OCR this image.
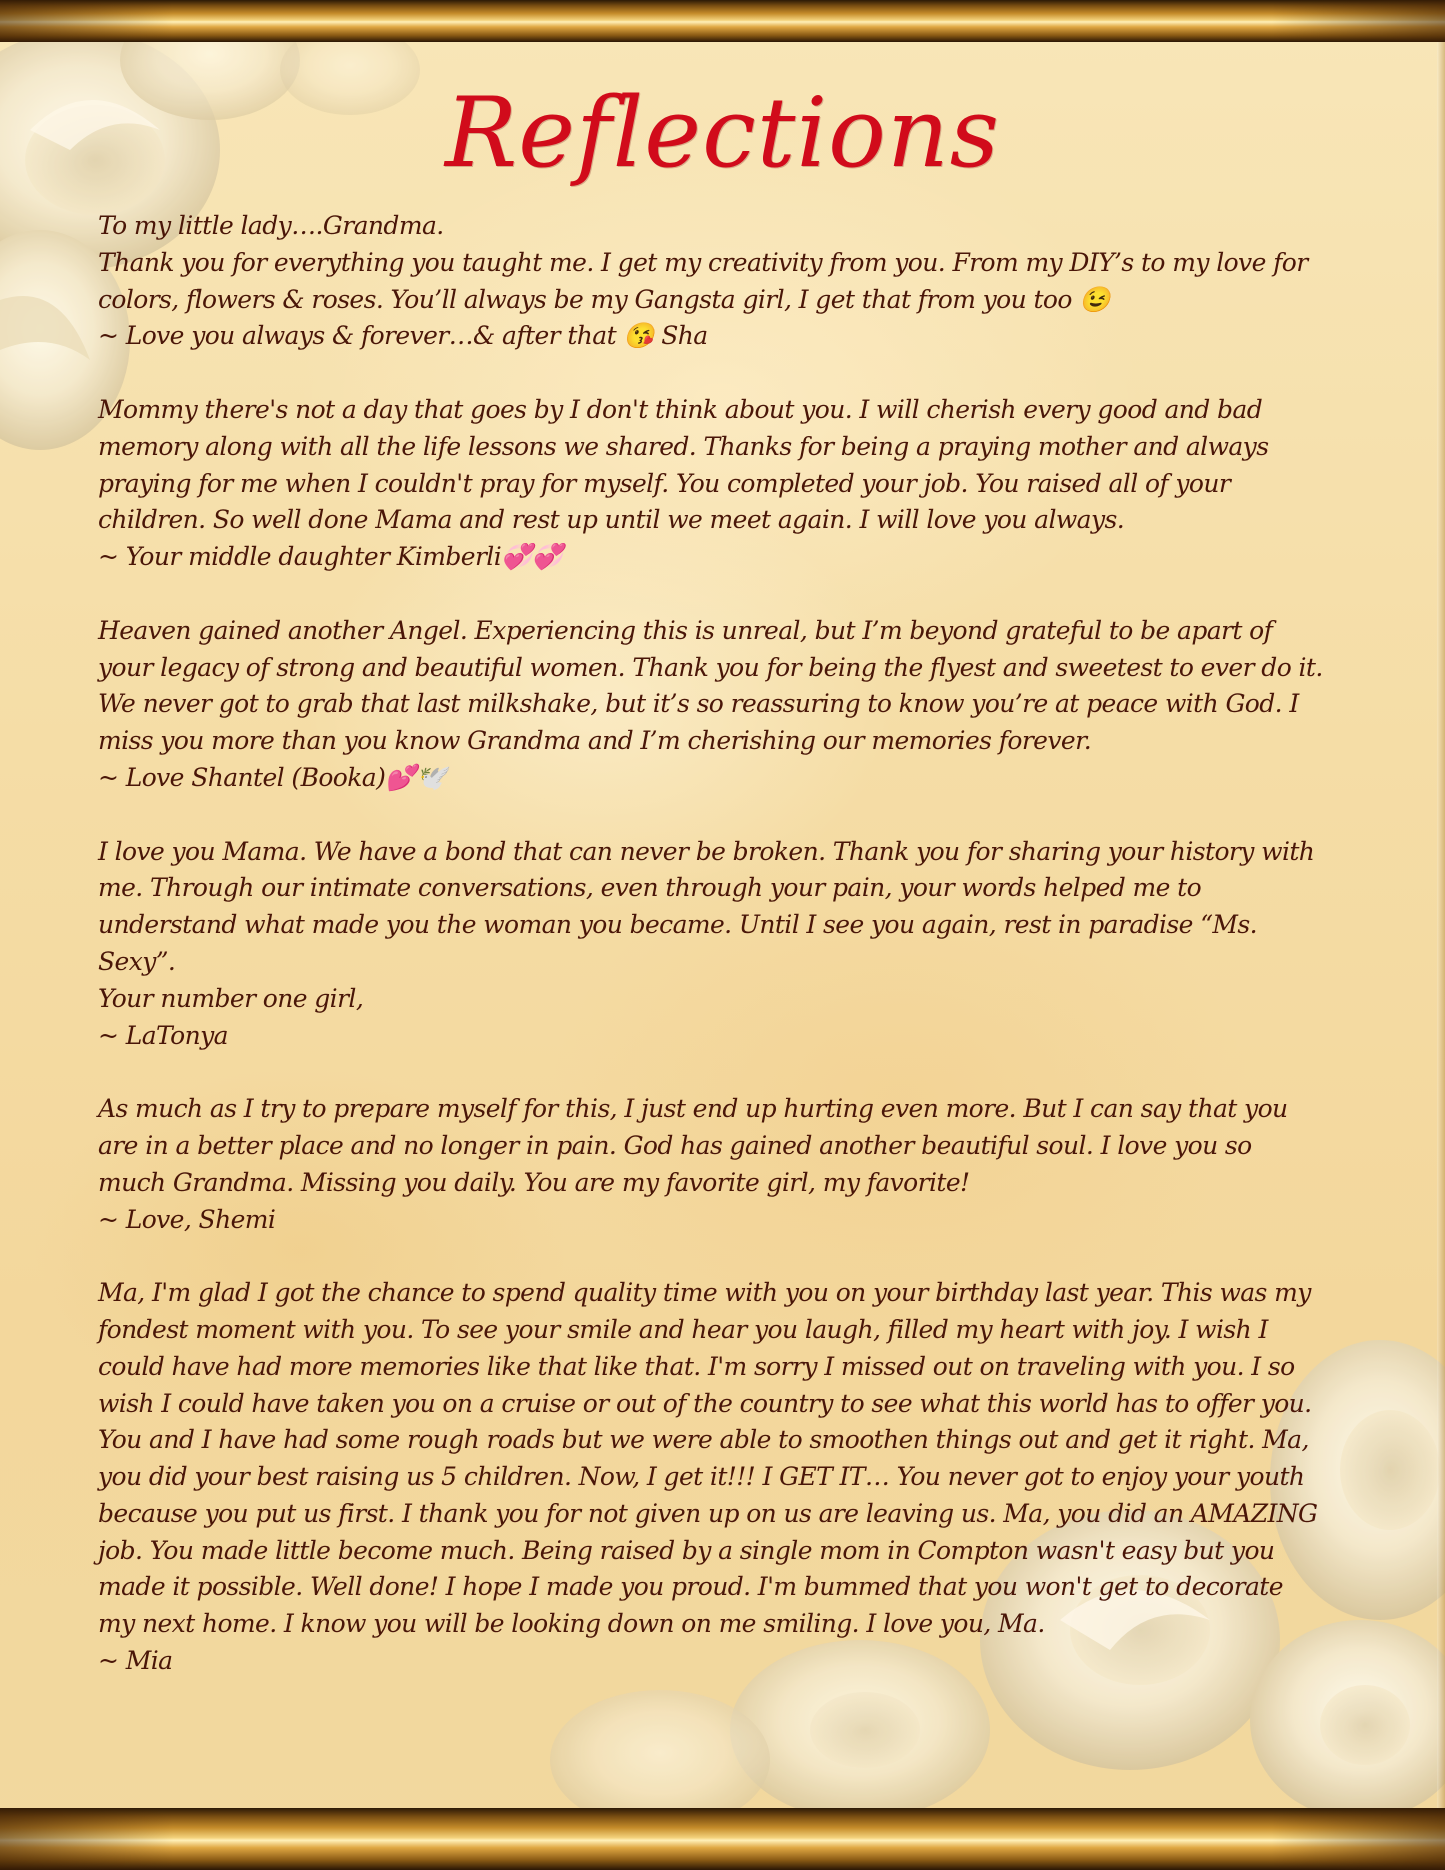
Reflections

To my little lady….Grandma.

Thank you for everything you taught me. I get my creativity from you. From my DIY’s to my love for colors, flowers & roses. You’ll always be my Gangsta girl, I get that from you too 😉

~ Love you always & forever…& after that 😘 Sha

Mommy there's not a day that goes by I don't think about you. I will cherish every good and bad memory along with all the life lessons we shared. Thanks for being a praying mother and always praying for me when I couldn't pray for myself. You completed your job. You raised all of your children. So well done Mama and rest up until we meet again. I will love you always.

~ Your middle daughter Kimberli💞💞

Heaven gained another Angel. Experiencing this is unreal, but I’m beyond grateful to be apart of your legacy of strong and beautiful women. Thank you for being the flyest and sweetest to ever do it. We never got to grab that last milkshake, but it’s so reassuring to know you’re at peace with God. I miss you more than you know Grandma and I’m cherishing our memories forever.

~ Love Shantel (Booka)💕🕊️

I love you Mama. We have a bond that can never be broken. Thank you for sharing your history with me. Through our intimate conversations, even through your pain, your words helped me to understand what made you the woman you became. Until I see you again, rest in paradise “Ms. Sexy”.

Your number one girl,

~ LaTonya

As much as I try to prepare myself for this, I just end up hurting even more. But I can say that you are in a better place and no longer in pain. God has gained another beautiful soul. I love you so much Grandma. Missing you daily. You are my favorite girl, my favorite!

~ Love, Shemi

Ma, I'm glad I got the chance to spend quality time with you on your birthday last year. This was my fondest moment with you. To see your smile and hear you laugh, filled my heart with joy. I wish I could have had more memories like that like that. I'm sorry I missed out on traveling with you. I so wish I could have taken you on a cruise or out of the country to see what this world has to offer you. You and I have had some rough roads but we were able to smoothen things out and get it right. Ma, you did your best raising us 5 children. Now, I get it!!! I GET IT… You never got to enjoy your youth because you put us first. I thank you for not given up on us are leaving us. Ma, you did an AMAZING job. You made little become much. Being raised by a single mom in Compton wasn't easy but you made it possible. Well done! I hope I made you proud. I'm bummed that you won't get to decorate my next home. I know you will be looking down on me smiling. I love you, Ma.

~ Mia
